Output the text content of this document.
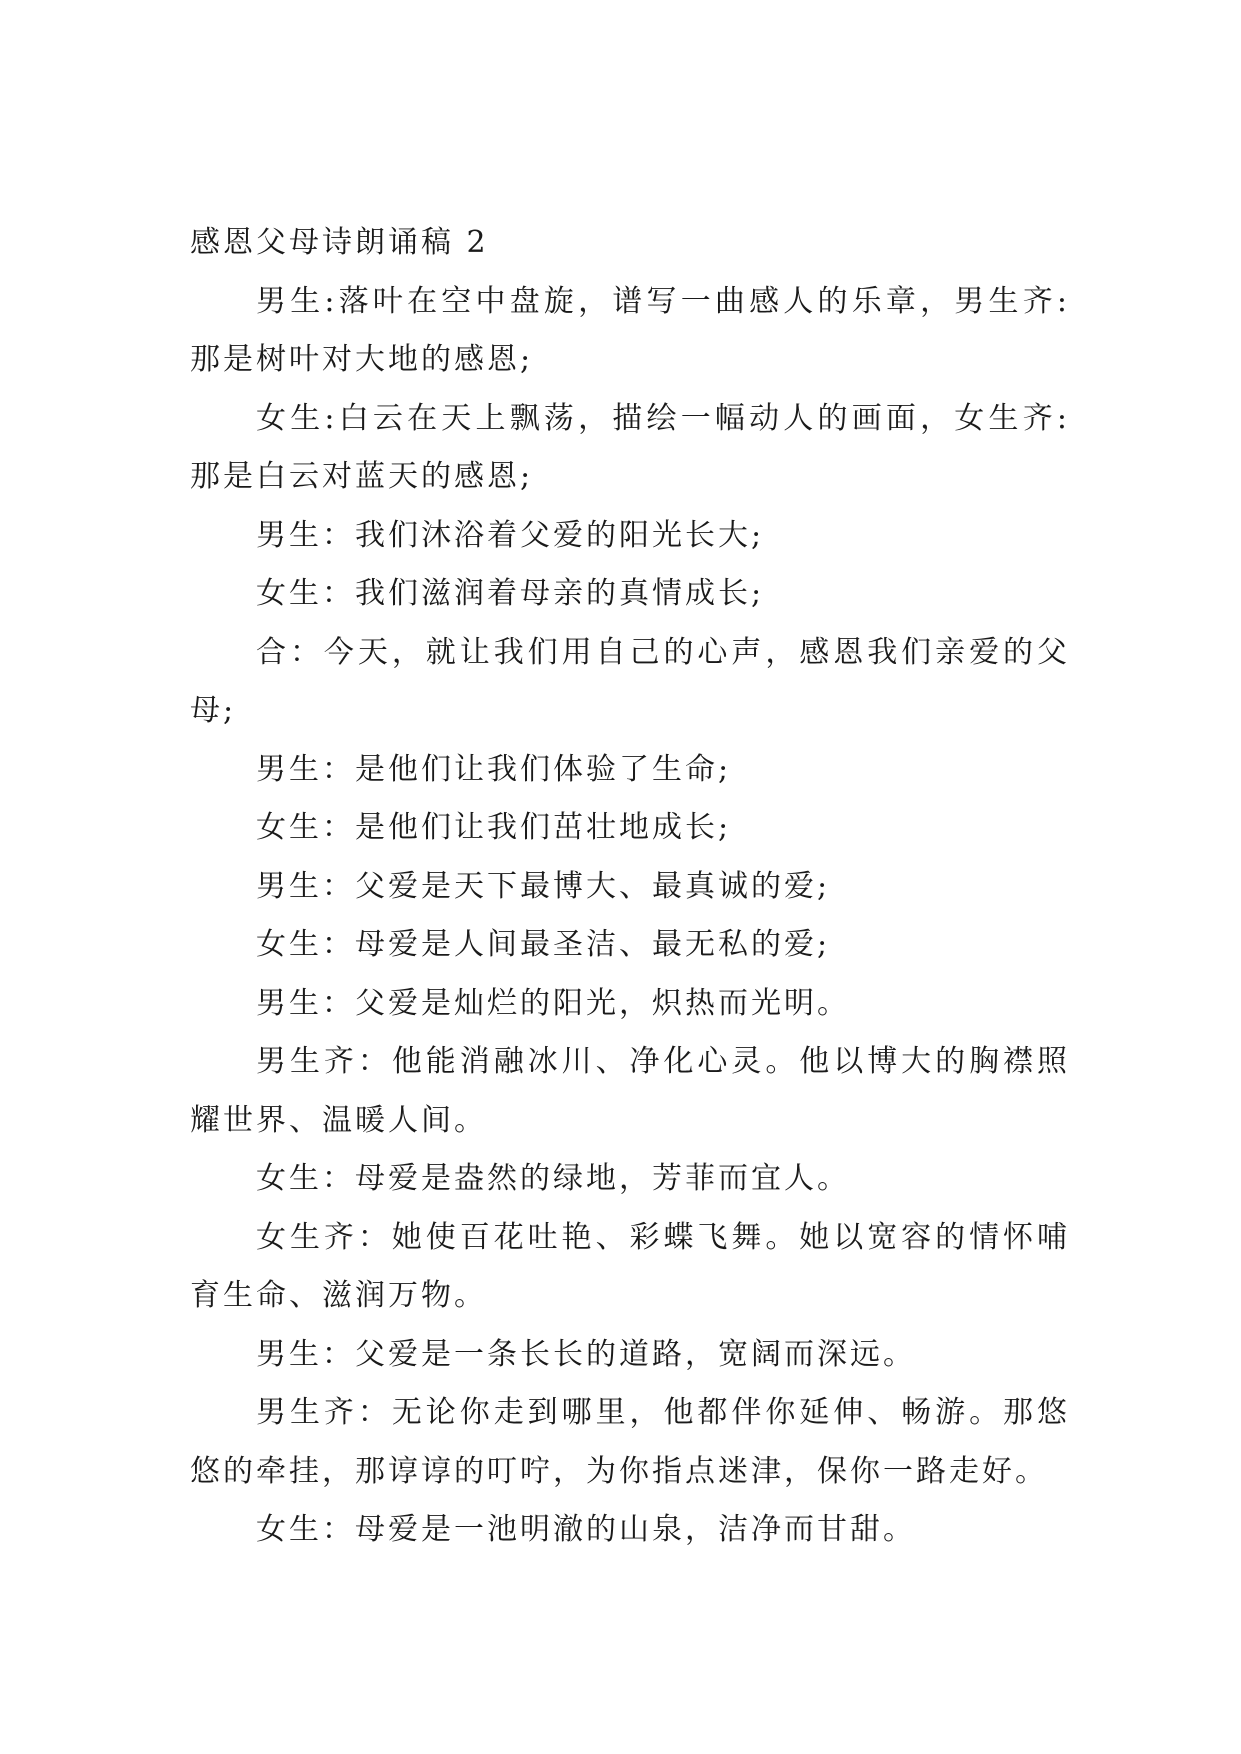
感恩父母诗朗诵稿 2

男生:落叶在空中盘旋，谱写一曲感人的乐章，男生齐:那是树叶对大地的感恩;

女生:白云在天上飘荡，描绘一幅动人的画面，女生齐:那是白云对蓝天的感恩;

男生：我们沐浴着父爱的阳光长大;

女生：我们滋润着母亲的真情成长;

合：今天，就让我们用自己的心声，感恩我们亲爱的父母;

男生：是他们让我们体验了生命;

女生：是他们让我们茁壮地成长;

男生：父爱是天下最博大、最真诚的爱;

女生：母爱是人间最圣洁、最无私的爱;

男生：父爱是灿烂的阳光，炽热而光明。

男生齐：他能消融冰川、净化心灵。他以博大的胸襟照耀世界、温暖人间。

女生：母爱是盎然的绿地，芳菲而宜人。

女生齐：她使百花吐艳、彩蝶飞舞。她以宽容的情怀哺育生命、滋润万物。

男生：父爱是一条长长的道路，宽阔而深远。

男生齐：无论你走到哪里，他都伴你延伸、畅游。那悠悠的牵挂，那谆谆的叮咛，为你指点迷津，保你一路走好。

女生：母爱是一池明澈的山泉，洁净而甘甜。
